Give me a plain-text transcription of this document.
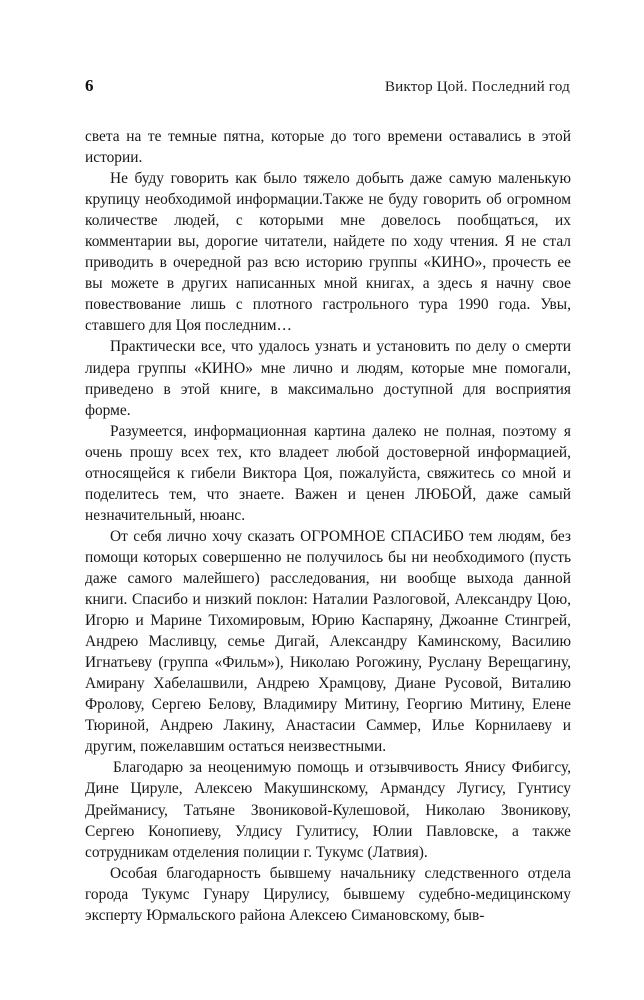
6	Виктор Цой. Последний год

света на те темные пятна, которые до того времени оставались в этой истории.

Не буду говорить как было тяжело добыть даже самую маленькую крупицу необходимой информации.Также не буду говорить об огромном количестве людей, с которыми мне довелось пообщаться, их комментарии вы, дорогие читатели, найдете по ходу чтения. Я не стал приводить в очередной раз всю историю группы «КИНО», прочесть ее вы можете в других написанных мной книгах, а здесь я начну свое повествование лишь с плотного гастрольного тура 1990 года. Увы, ставшего для Цоя последним…

Практически все, что удалось узнать и установить по делу о смерти лидера группы «КИНО» мне лично и людям, которые мне помогали, приведено в этой книге, в максимально доступной для восприятия форме.

Разумеется, информационная картина далеко не полная, поэтому я очень прошу всех тех, кто владеет любой достоверной информацией, относящейся к гибели Виктора Цоя, пожалуйста, свяжитесь со мной и поделитесь тем, что знаете. Важен и ценен ЛЮБОЙ, даже самый незначительный, нюанс.

От себя лично хочу сказать ОГРОМНОЕ СПАСИБО тем людям, без помощи которых совершенно не получилось бы ни необходимого (пусть даже самого малейшего) расследования, ни вообще выхода данной книги. Спасибо и низкий поклон: Наталии Разлоговой, Александру Цою, Игорю и Марине Тихомировым, Юрию Каспаряну, Джоанне Стингрей, Андрею Масливцу, семье Дигай, Александру Каминскому, Василию Игнатьеву (группа «Фильм»), Николаю Рогожину, Руслану Верещагину, Амирану Хабелашвили, Андрею Храмцову, Диане Русовой, Виталию Фролову, Сергею Белову, Владимиру Митину, Георгию Митину, Елене Тюриной, Андрею Лакину, Анастасии Саммер, Илье Корнилаеву и другим, пожелавшим остаться неизвестными.

Благодарю за неоценимую помощь и отзывчивость Янису Фибигсу, Дине Цируле, Алексею Макушинскому, Армандсу Лугису, Гунтису Дрейманису, Татьяне Звониковой-Кулешовой, Николаю Звоникову, Сергею Конопиеву, Улдису Гулитису, Юлии Павловске, а также сотрудникам отделения полиции г. Тукумс (Латвия).

Особая благодарность бывшему начальнику следственного отдела города Тукумс Гунару Цирулису, бывшему судебно-медицинскому эксперту Юрмальского района Алексею Симановскому, быв-
